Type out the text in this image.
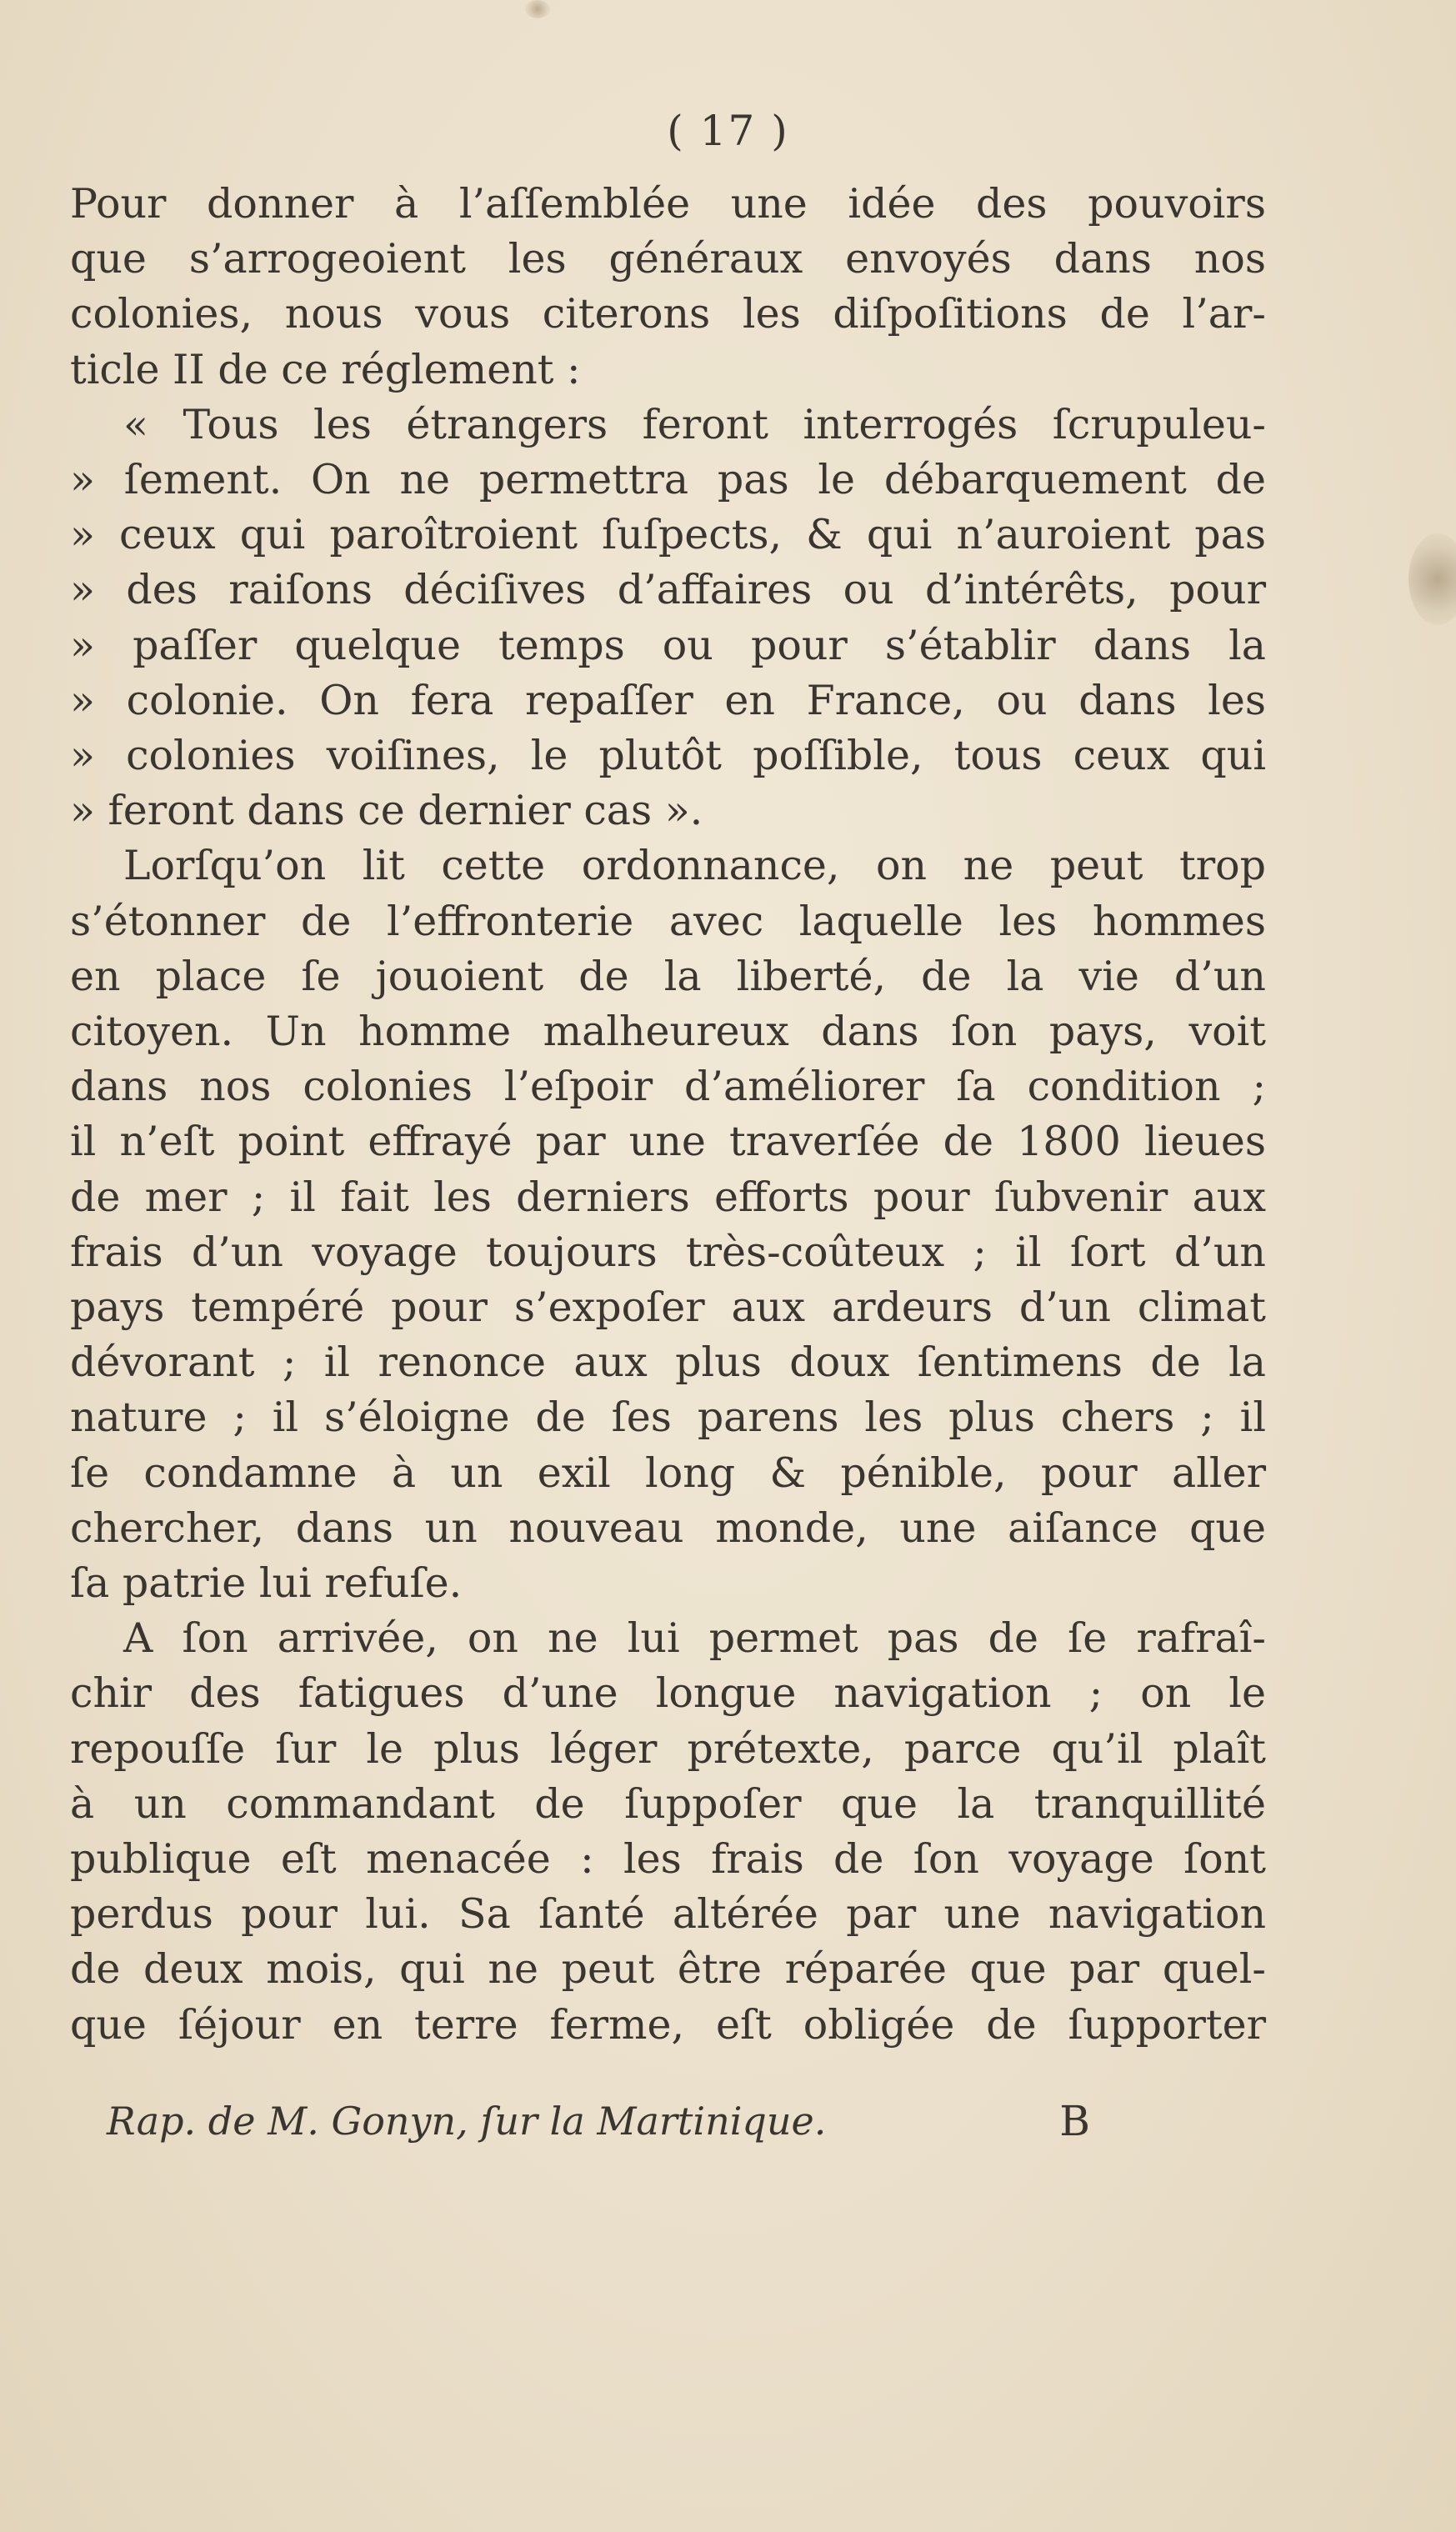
( 17 )
Pour donner à l’aſſemblée une idée des pouvoirs
que s’arrogeoient les généraux envoyés dans nos
colonies, nous vous citerons les diſpoſitions de l’ar-
ticle II de ce réglement :
« Tous les étrangers feront interrogés ſcrupuleu-
» ſement. On ne permettra pas le débarquement de
» ceux qui paroîtroient ſuſpects, & qui n’auroient pas
» des raiſons déciſives d’affaires ou d’intérêts, pour
» paſſer quelque temps ou pour s’établir dans la
» colonie. On fera repaſſer en France, ou dans les
» colonies voiſines, le plutôt poſſible, tous ceux qui
» feront dans ce dernier cas ».
Lorſqu’on lit cette ordonnance, on ne peut trop
s’étonner de l’effronterie avec laquelle les hommes
en place ſe jouoient de la liberté, de la vie d’un
citoyen. Un homme malheureux dans ſon pays, voit
dans nos colonies l’eſpoir d’améliorer ſa condition ;
il n’eſt point effrayé par une traverſée de 1800 lieues
de mer ; il fait les derniers efforts pour ſubvenir aux
frais d’un voyage toujours très-coûteux ; il ſort d’un
pays tempéré pour s’expoſer aux ardeurs d’un climat
dévorant ; il renonce aux plus doux ſentimens de la
nature ; il s’éloigne de ſes parens les plus chers ; il
ſe condamne à un exil long & pénible, pour aller
chercher, dans un nouveau monde, une aiſance que
ſa patrie lui refuſe.
A ſon arrivée, on ne lui permet pas de ſe rafraî-
chir des fatigues d’une longue navigation ; on le
repouſſe ſur le plus léger prétexte, parce qu’il plaît
à un commandant de ſuppoſer que la tranquillité
publique eſt menacée : les frais de ſon voyage ſont
perdus pour lui. Sa ſanté altérée par une navigation
de deux mois, qui ne peut être réparée que par quel-
que ſéjour en terre ferme, eſt obligée de ſupporter
Rap. de M. Gonyn, ſur la Martinique.	B
